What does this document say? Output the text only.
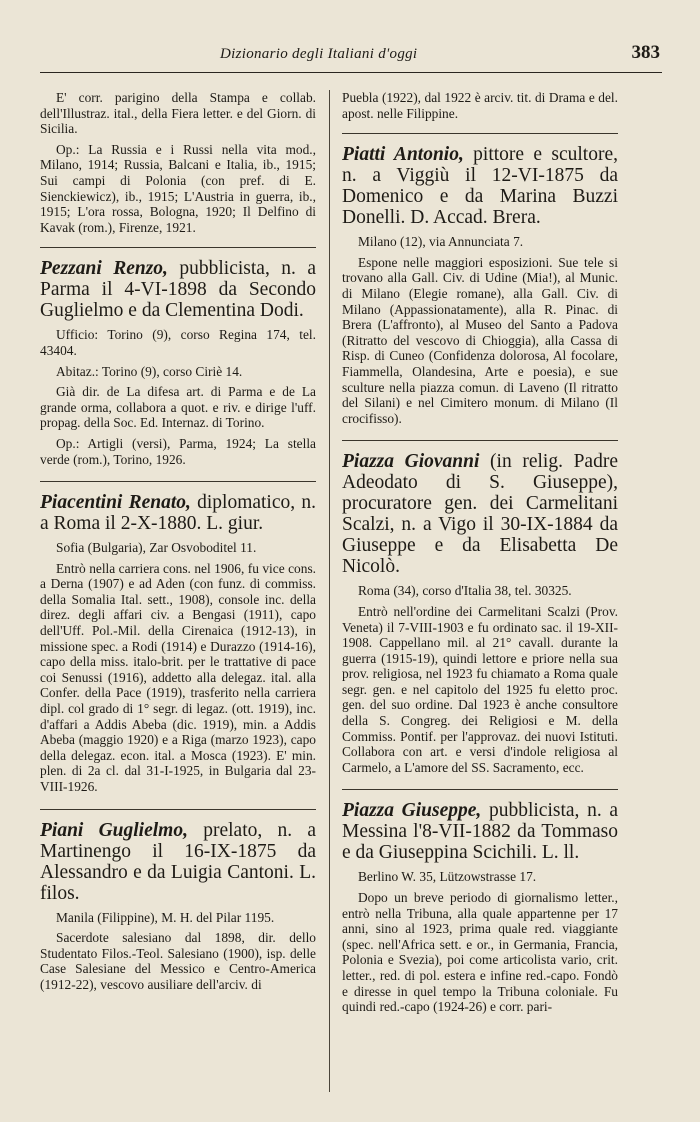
Dizionario degli Italiani d'oggi	383

E' corr. parigino della Stampa e collab. dell'Illustraz. ital., della Fiera letter. e del Giorn. di Sicilia.

Op.: La Russia e i Russi nella vita mod., Milano, 1914; Russia, Balcani e Italia, ib., 1915; Sui campi di Polonia (con pref. di E. Sienckiewicz), ib., 1915; L'Austria in guerra, ib., 1915; L'ora rossa, Bologna, 1920; Il Delfino di Kavak (rom.), Firenze, 1921.

Pezzani Renzo, pubblicista, n. a Parma il 4-VI-1898 da Secondo Guglielmo e da Clementina Dodi.

Ufficio: Torino (9), corso Regina 174, tel. 43404.

Abitaz.: Torino (9), corso Ciriè 14.

Già dir. de La difesa art. di Parma e de La grande orma, collabora a quot. e riv. e dirige l'uff. propag. della Soc. Ed. Internaz. di Torino.

Op.: Artigli (versi), Parma, 1924; La stella verde (rom.), Torino, 1926.

Piacentini Renato, diplomatico, n. a Roma il 2-X-1880. L. giur.

Sofia (Bulgaria), Zar Osvoboditel 11.

Entrò nella carriera cons. nel 1906, fu vice cons. a Derna (1907) e ad Aden (con funz. di commiss. della Somalia Ital. sett., 1908), console inc. della direz. degli affari civ. a Bengasi (1911), capo dell'Uff. Pol.-Mil. della Cirenaica (1912-13), in missione spec. a Rodi (1914) e Durazzo (1914-16), capo della miss. italo-brit. per le trattative di pace coi Senussi (1916), addetto alla delegaz. ital. alla Confer. della Pace (1919), trasferito nella carriera dipl. col grado di 1° segr. di legaz. (ott. 1919), inc. d'affari a Addis Abeba (dic. 1919), min. a Addis Abeba (maggio 1920) e a Riga (marzo 1923), capo della delegaz. econ. ital. a Mosca (1923). E' min. plen. di 2a cl. dal 31-I-1925, in Bulgaria dal 23-VIII-1926.

Piani Guglielmo, prelato, n. a Martinengo il 16-IX-1875 da Alessandro e da Luigia Cantoni. L. filos.

Manila (Filippine), M. H. del Pilar 1195.

Sacerdote salesiano dal 1898, dir. dello Studentato Filos.-Teol. Salesiano (1900), isp. delle Case Salesiane del Messico e Centro-America (1912-22), vescovo ausiliare dell'arciv. di

Puebla (1922), dal 1922 è arciv. tit. di Drama e del. apost. nelle Filippine.

Piatti Antonio, pittore e scultore, n. a Viggiù il 12-VI-1875 da Domenico e da Marina Buzzi Donelli. D. Accad. Brera.

Milano (12), via Annunciata 7.

Espone nelle maggiori esposizioni. Sue tele si trovano alla Gall. Civ. di Udine (Mia!), al Munic. di Milano (Elegie romane), alla Gall. Civ. di Milano (Appassionatamente), alla R. Pinac. di Brera (L'affronto), al Museo del Santo a Padova (Ritratto del vescovo di Chioggia), alla Cassa di Risp. di Cuneo (Confidenza dolorosa, Al focolare, Fiammella, Olandesina, Arte e poesia), e sue sculture nella piazza comun. di Laveno (Il ritratto del Silani) e nel Cimitero monum. di Milano (Il crocifisso).

Piazza Giovanni (in relig. Padre Adeodato di S. Giuseppe), procuratore gen. dei Carmelitani Scalzi, n. a Vigo il 30-IX-1884 da Giuseppe e da Elisabetta De Nicolò.

Roma (34), corso d'Italia 38, tel. 30325.

Entrò nell'ordine dei Carmelitani Scalzi (Prov. Veneta) il 7-VIII-1903 e fu ordinato sac. il 19-XII-1908. Cappellano mil. al 21° cavall. durante la guerra (1915-19), quindi lettore e priore nella sua prov. religiosa, nel 1923 fu chiamato a Roma quale segr. gen. e nel capitolo del 1925 fu eletto proc. gen. del suo ordine. Dal 1923 è anche consultore della S. Congreg. dei Religiosi e M. della Commiss. Pontif. per l'approvaz. dei nuovi Istituti. Collabora con art. e versi d'indole religiosa al Carmelo, a L'amore del SS. Sacramento, ecc.

Piazza Giuseppe, pubblicista, n. a Messina l'8-VII-1882 da Tommaso e da Giuseppina Scichili. L. ll.

Berlino W. 35, Lützowstrasse 17.

Dopo un breve periodo di giornalismo letter., entrò nella Tribuna, alla quale appartenne per 17 anni, sino al 1923, prima quale red. viaggiante (spec. nell'Africa sett. e or., in Germania, Francia, Polonia e Svezia), poi come articolista vario, crit. letter., red. di pol. estera e infine red.-capo. Fondò e diresse in quel tempo la Tribuna coloniale. Fu quindi red.-capo (1924-26) e corr. pari-
